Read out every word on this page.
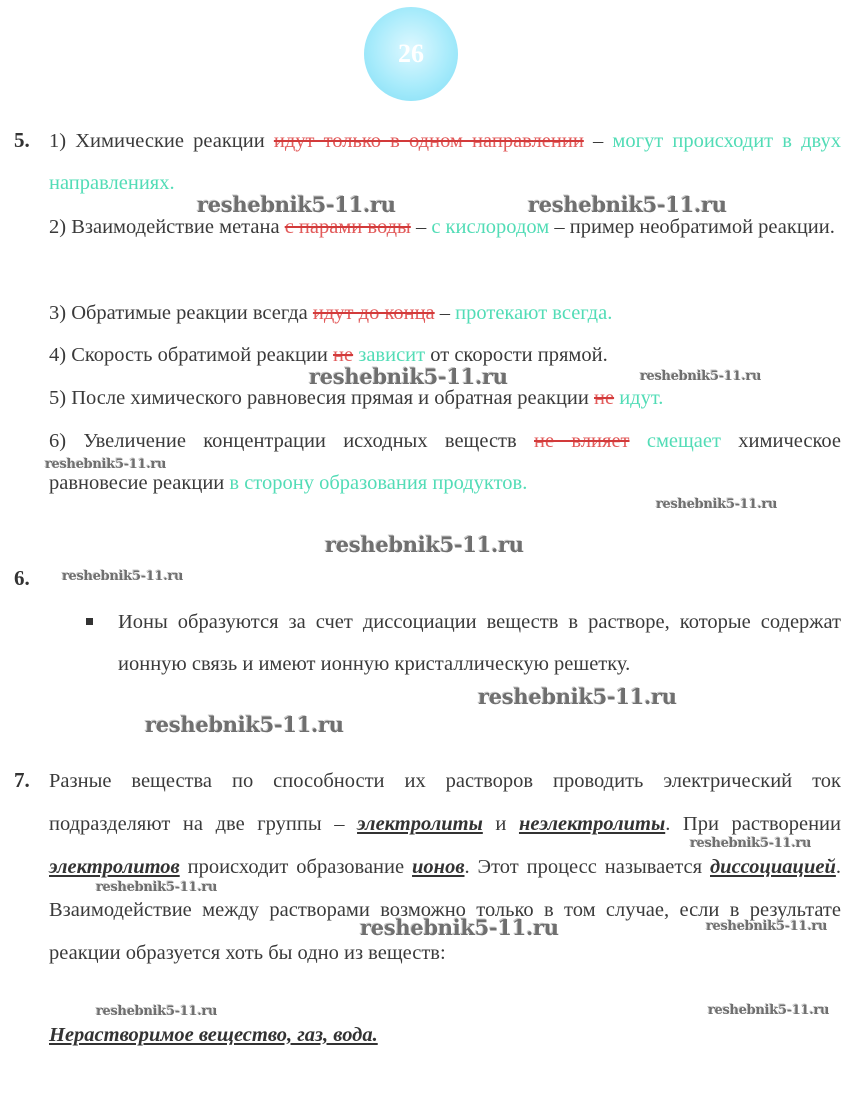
26
5. 1) Химические реакции идут только в одном направлении – могут происходит в двух направлениях.
2) Взаимодействие метана с парами воды – с кислородом – пример необратимой реакции.
3) Обратимые реакции всегда идут до конца – протекают всегда.
4) Скорость обратимой реакции не зависит от скорости прямой.
5) После химического равновесия прямая и обратная реакции не идут.
6) Увеличение концентрации исходных веществ не влияет смещает химическое равновесие реакции в сторону образования продуктов.
6.
Ионы образуются за счет диссоциации веществ в растворе, которые содержат ионную связь и имеют ионную кристаллическую решетку.
7. Разные вещества по способности их растворов проводить электрический ток подразделяют на две группы – электролиты и неэлектролиты. При растворении электролитов происходит образование ионов. Этот процесс называется диссоциацией. Взаимодействие между растворами возможно только в том случае, если в результате реакции образуется хоть бы одно из веществ:
Нерастворимое вещество, газ, вода.
reshebnik5-11.ru	reshebnik5-11.ru
reshebnik5-11.ru	reshebnik5-11.ru
reshebnik5-11.ru
reshebnik5-11.ru
reshebnik5-11.ru
reshebnik5-11.ru
reshebnik5-11.ru
reshebnik5-11.ru
reshebnik5-11.ru
reshebnik5-11.ru
reshebnik5-11.ru	reshebnik5-11.ru
reshebnik5-11.ru	reshebnik5-11.ru
